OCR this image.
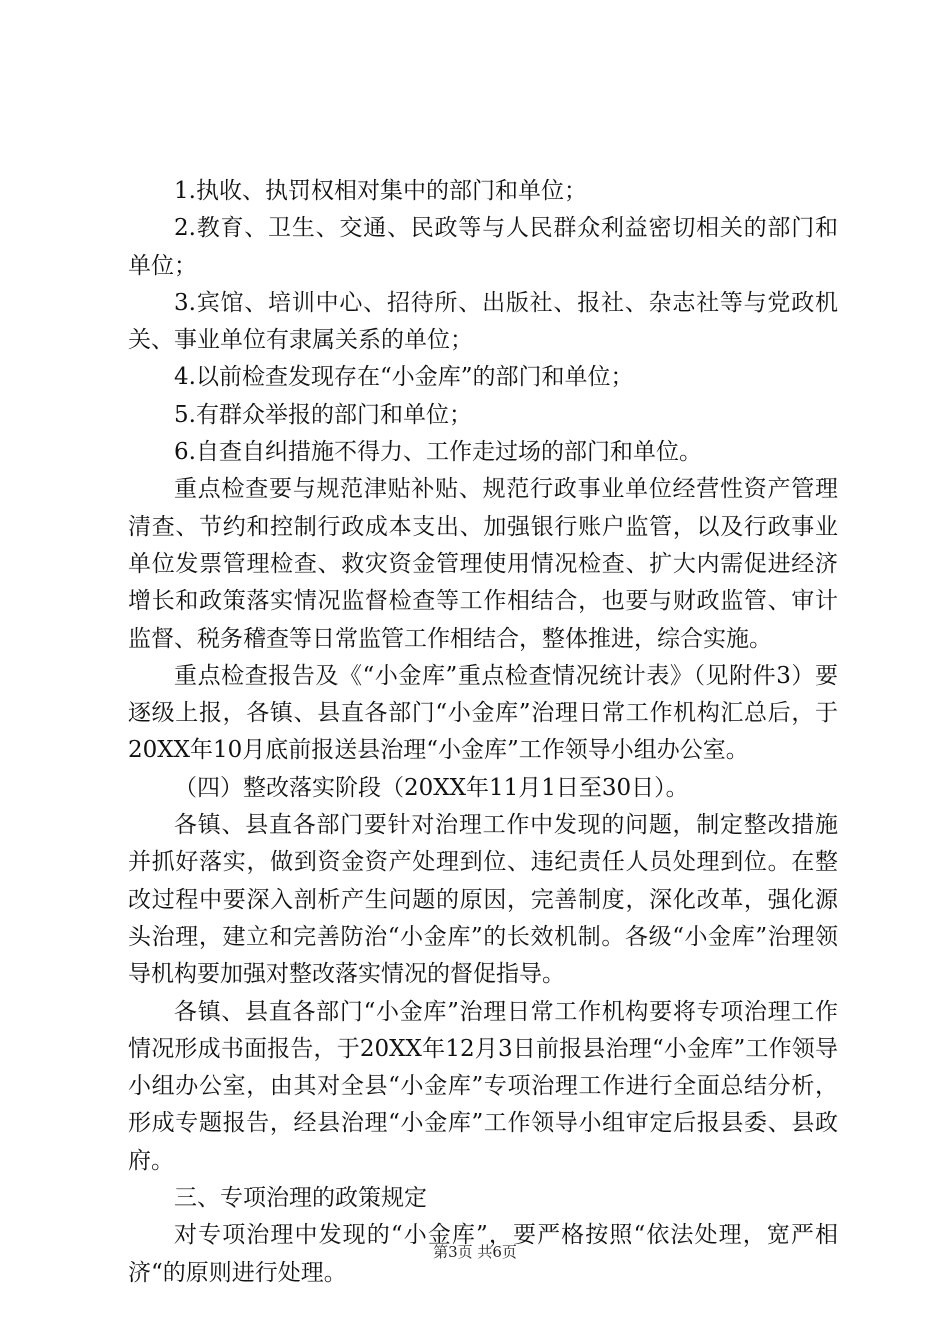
1.执收、执罚权相对集中的部门和单位；

2.教育、卫生、交通、民政等与人民群众利益密切相关的部门和单位；

3.宾馆、培训中心、招待所、出版社、报社、杂志社等与党政机关、事业单位有隶属关系的单位；

4.以前检查发现存在“小金库”的部门和单位；

5.有群众举报的部门和单位；

6.自查自纠措施不得力、工作走过场的部门和单位。

重点检查要与规范津贴补贴、规范行政事业单位经营性资产管理清查、节约和控制行政成本支出、加强银行账户监管，以及行政事业单位发票管理检查、救灾资金管理使用情况检查、扩大内需促进经济增长和政策落实情况监督检查等工作相结合，也要与财政监管、审计监督、税务稽查等日常监管工作相结合，整体推进，综合实施。

重点检查报告及《“小金库”重点检查情况统计表》（见附件3）要逐级上报，各镇、县直各部门“小金库”治理日常工作机构汇总后，于20XX年10月底前报送县治理“小金库”工作领导小组办公室。

（四）整改落实阶段（20XX年11月1日至30日）。

各镇、县直各部门要针对治理工作中发现的问题，制定整改措施并抓好落实，做到资金资产处理到位、违纪责任人员处理到位。在整改过程中要深入剖析产生问题的原因，完善制度，深化改革，强化源头治理，建立和完善防治“小金库”的长效机制。各级“小金库”治理领导机构要加强对整改落实情况的督促指导。

各镇、县直各部门“小金库”治理日常工作机构要将专项治理工作情况形成书面报告，于20XX年12月3日前报县治理“小金库”工作领导小组办公室，由其对全县“小金库”专项治理工作进行全面总结分析，形成专题报告，经县治理“小金库”工作领导小组审定后报县委、县政府。

三、专项治理的政策规定

对专项治理中发现的“小金库”，要严格按照“依法处理，宽严相济“的原则进行处理。

第3页 共6页
